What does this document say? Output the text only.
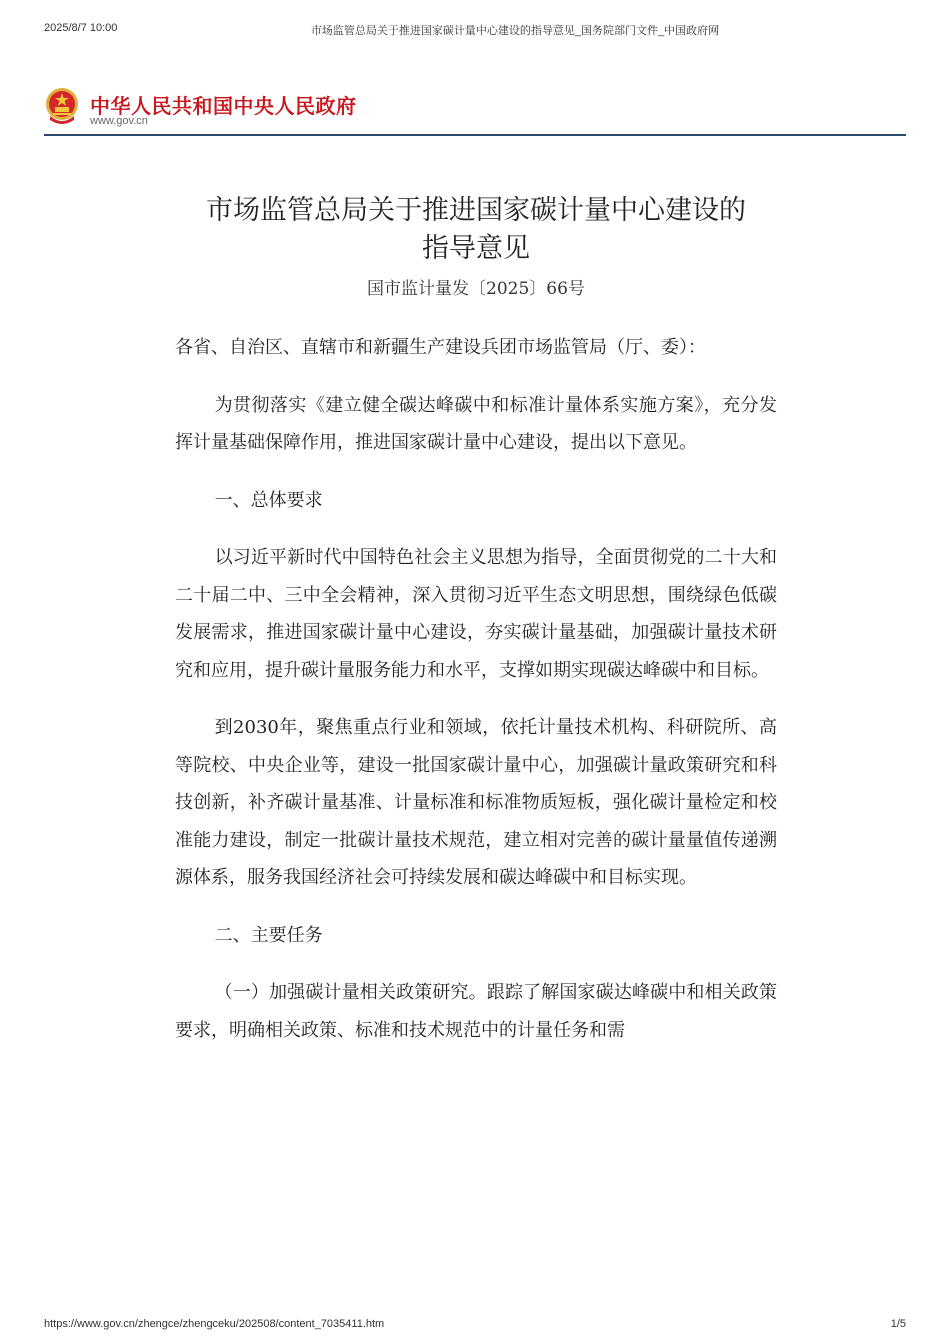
2025/8/7 10:00	市场监管总局关于推进国家碳计量中心建设的指导意见_国务院部门文件_中国政府网
中华人民共和国中央人民政府
www.gov.cn
市场监管总局关于推进国家碳计量中心建设的
指导意见
国市监计量发〔2025〕66号

各省、自治区、直辖市和新疆生产建设兵团市场监管局（厅、委）：

为贯彻落实《建立健全碳达峰碳中和标准计量体系实施方案》，充分发挥计量基础保障作用，推进国家碳计量中心建设，提出以下意见。

一、总体要求

以习近平新时代中国特色社会主义思想为指导，全面贯彻党的二十大和二十届二中、三中全会精神，深入贯彻习近平生态文明思想，围绕绿色低碳发展需求，推进国家碳计量中心建设，夯实碳计量基础，加强碳计量技术研究和应用，提升碳计量服务能力和水平，支撑如期实现碳达峰碳中和目标。

到2030年，聚焦重点行业和领域，依托计量技术机构、科研院所、高等院校、中央企业等，建设一批国家碳计量中心，加强碳计量政策研究和科技创新，补齐碳计量基准、计量标准和标准物质短板，强化碳计量检定和校准能力建设，制定一批碳计量技术规范，建立相对完善的碳计量量值传递溯源体系，服务我国经济社会可持续发展和碳达峰碳中和目标实现。

二、主要任务

（一）加强碳计量相关政策研究。跟踪了解国家碳达峰碳中和相关政策要求，明确相关政策、标准和技术规范中的计量任务和需

https://www.gov.cn/zhengce/zhengceku/202508/content_7035411.htm	1/5
